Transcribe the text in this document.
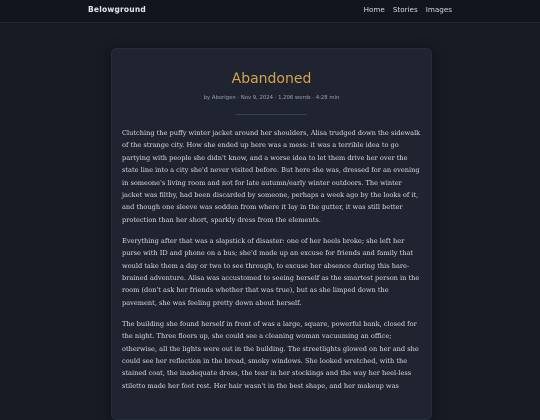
Belowground	Home Stories Images
Abandoned
by Aborigen · Nov 9, 2024 · 1,206 words · 4:28 min

Clutching the puffy winter jacket around her shoulders, Alisa trudged down the sidewalk of the strange city. How she ended up here was a mess: it was a terrible idea to go partying with people she didn't know, and a worse idea to let them drive her over the state line into a city she'd never visited before. But here she was, dressed for an evening in someone's living room and not for late autumn/early winter outdoors. The winter jacket was filthy, had been discarded by someone, perhaps a week ago by the looks of it, and though one sleeve was sodden from where it lay in the gutter, it was still better protection than her short, sparkly dress from the elements.

Everything after that was a slapstick of disaster: one of her heels broke; she left her purse with ID and phone on a bus; she'd made up an excuse for friends and family that would take them a day or two to see through, to excuse her absence during this hare-brained adventure. Alisa was accustomed to seeing herself as the smartest person in the room (don't ask her friends whether that was true), but as she limped down the pavement, she was feeling pretty down about herself.

The building she found herself in front of was a large, square, powerful bank, closed for the night. Three floors up, she could see a cleaning woman vacuuming an office; otherwise, all the lights were out in the building. The streetlights glowed on her and she could see her reflection in the broad, smoky windows. She looked wretched, with the stained coat, the inadequate dress, the tear in her stockings and the way her heel-less stiletto made her foot rest. Her hair wasn't in the best shape, and her makeup was
